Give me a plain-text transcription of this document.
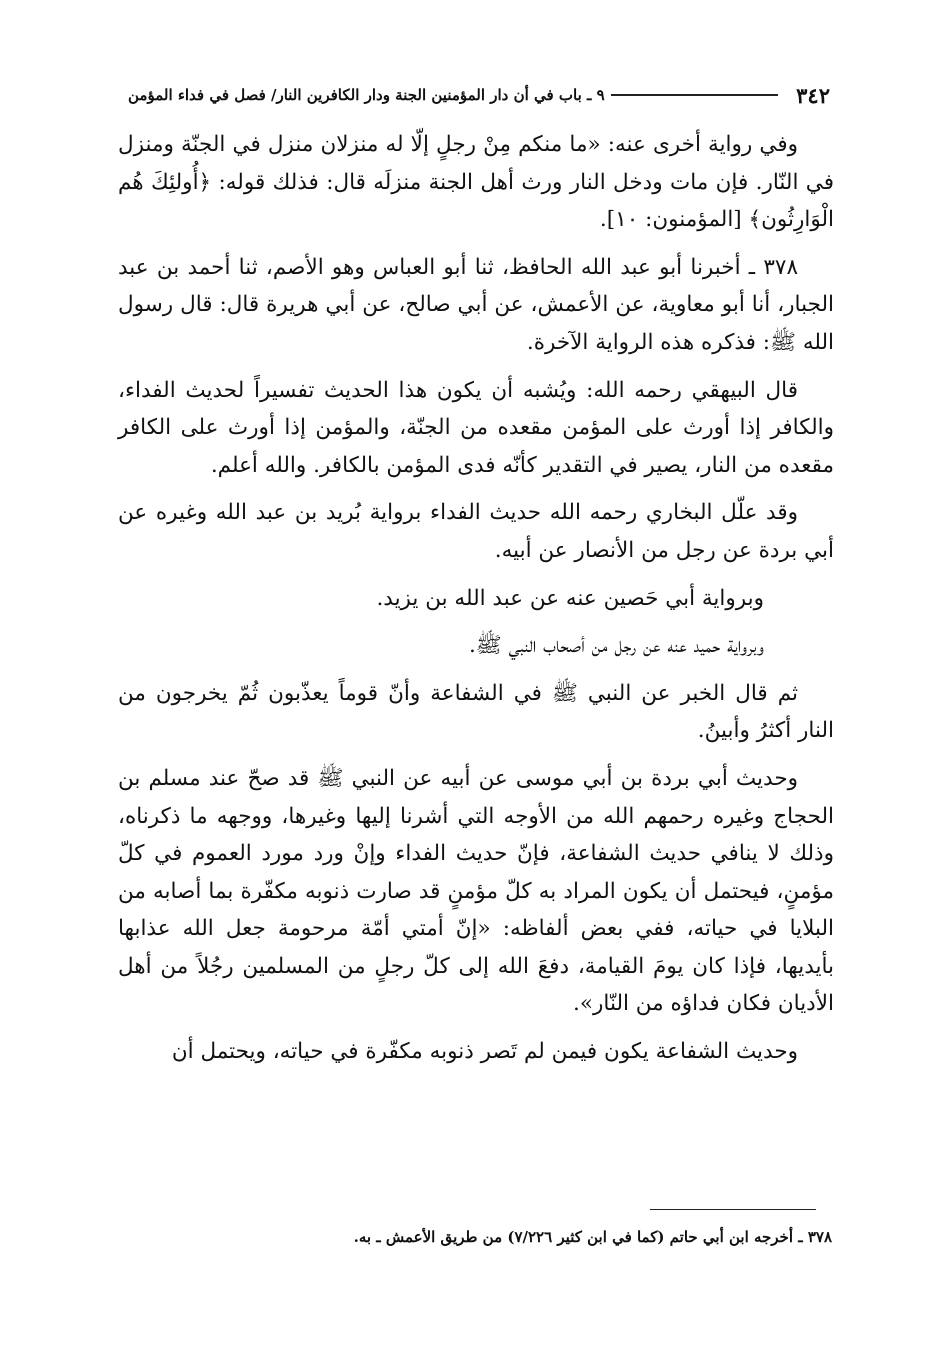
٣٤٢
٩ ـ باب في أن دار المؤمنين الجنة ودار الكافرين النار/ فصل في فداء المؤمن

وفي رواية أخرى عنه: «ما منكم مِنْ رجلٍ إلّا له منزلان منزل في الجنّة ومنزل في النّار. فإن مات ودخل النار ورث أهل الجنة منزلَه قال: فذلك قوله: ﴿أُولئِكَ هُم الْوَارِثُون﴾ [المؤمنون: ١٠].

٣٧٨ ـ أخبرنا أبو عبد الله الحافظ، ثنا أبو العباس وهو الأصم، ثنا أحمد بن عبد الجبار، أنا أبو معاوية، عن الأعمش، عن أبي صالح، عن أبي هريرة قال: قال رسول الله ﷺ: فذكره هذه الرواية الآخرة.

قال البيهقي رحمه الله: ويُشبه أن يكون هذا الحديث تفسيراً لحديث الفداء، والكافر إذا أورث على المؤمن مقعده من الجنّة، والمؤمن إذا أورث على الكافر مقعده من النار، يصير في التقدير كأنّه فدى المؤمن بالكافر. والله أعلم.

وقد علّل البخاري رحمه الله حديث الفداء برواية بُريد بن عبد الله وغيره عن أبي بردة عن رجل من الأنصار عن أبيه.

وبرواية أبي حَصين عنه عن عبد الله بن يزيد.

وبرواية حميد عنه عن رجل من أصحاب النبي ﷺ.

ثم قال الخبر عن النبي ﷺ في الشفاعة وأنّ قوماً يعذّبون ثُمّ يخرجون من النار أكثرُ وأبينُ.

وحديث أبي بردة بن أبي موسى عن أبيه عن النبي ﷺ قد صحّ عند مسلم بن الحجاج وغيره رحمهم الله من الأوجه التي أشرنا إليها وغيرها، ووجهه ما ذكرناه، وذلك لا ينافي حديث الشفاعة، فإنّ حديث الفداء وإنْ ورد مورد العموم في كلّ مؤمنٍ، فيحتمل أن يكون المراد به كلّ مؤمنٍ قد صارت ذنوبه مكفّرة بما أصابه من البلايا في حياته، ففي بعض ألفاظه: «إنّ أمتي أمّة مرحومة جعل الله عذابها بأيديها، فإذا كان يومَ القيامة، دفعَ الله إلى كلّ رجلٍ من المسلمين رجُلاً من أهل الأديان فكان فداؤه من النّار».

وحديث الشفاعة يكون فيمن لم تَصر ذنوبه مكفّرة في حياته، ويحتمل أن

٣٧٨ ـ أخرجه ابن أبي حاتم (كما في ابن كثير ٧/٢٢٦) من طريق الأعمش ـ به.
